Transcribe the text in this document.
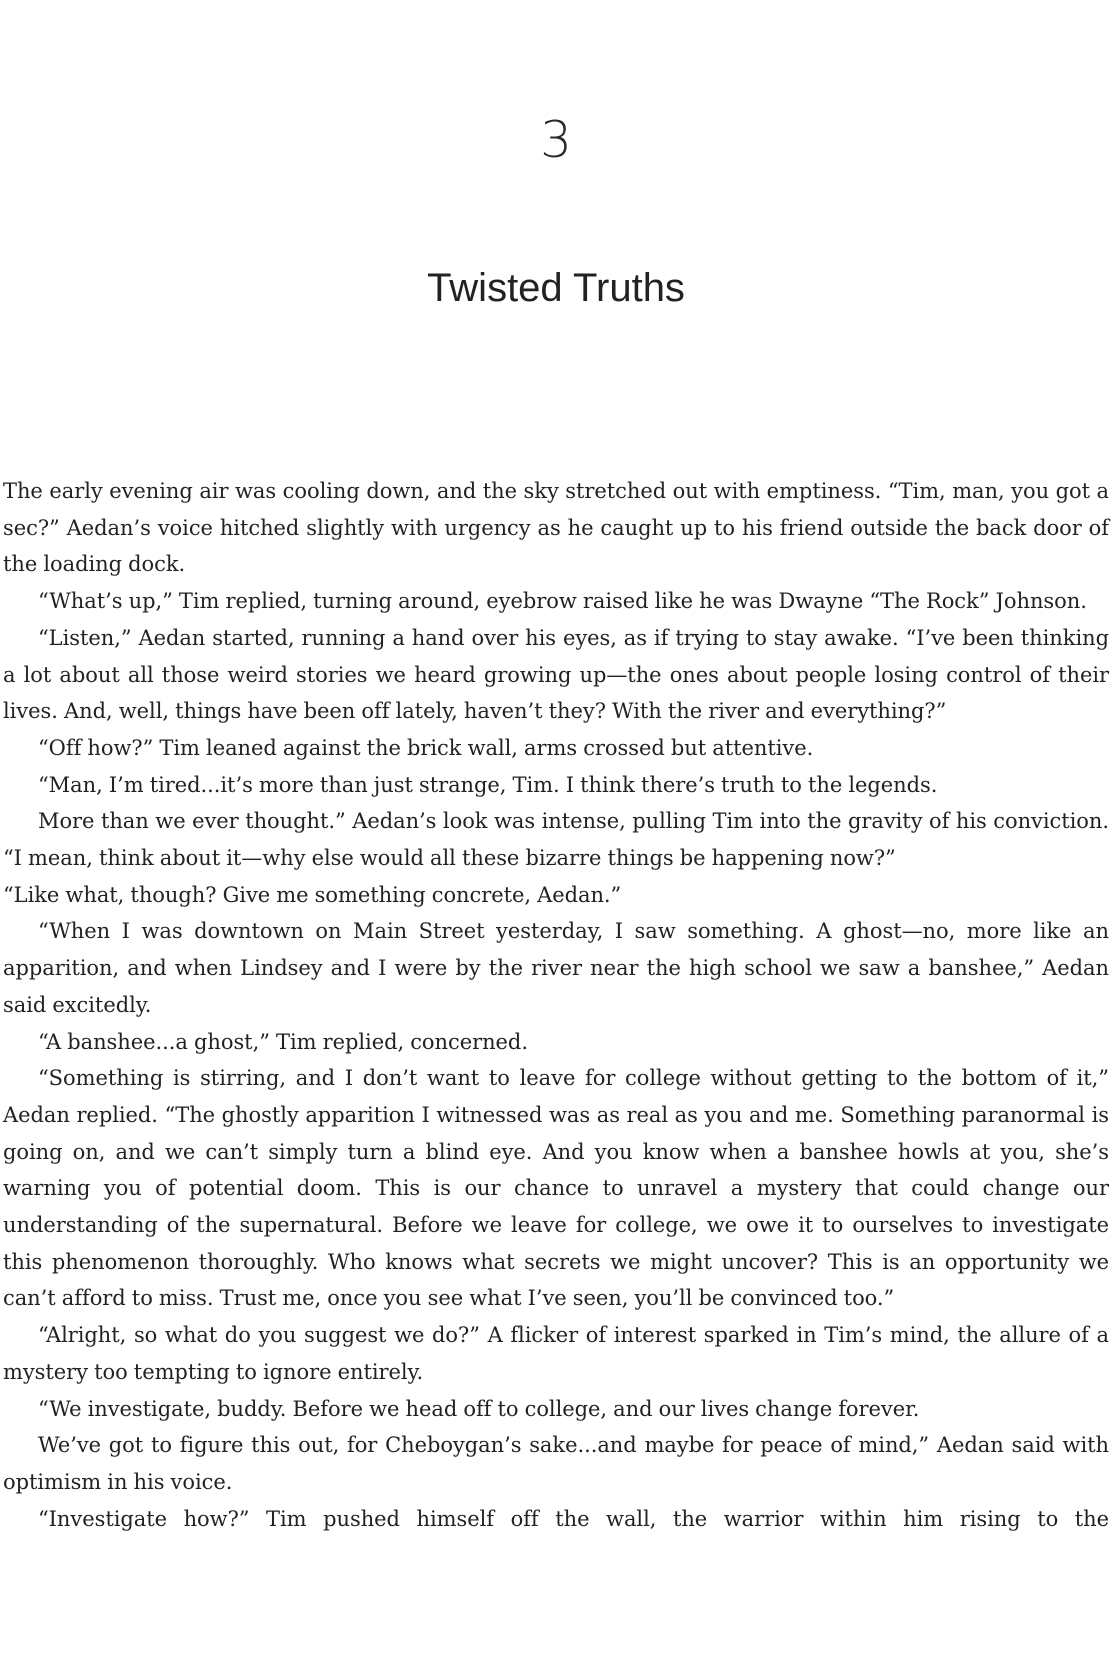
3
Twisted Truths

The early evening air was cooling down, and the sky stretched out with emptiness. “Tim, man, you got a sec?” Aedan’s voice hitched slightly with urgency as he caught up to his friend outside the back door of the loading dock.

“What’s up,” Tim replied, turning around, eyebrow raised like he was Dwayne “The Rock” Johnson.

“Listen,” Aedan started, running a hand over his eyes, as if trying to stay awake. “I’ve been thinking a lot about all those weird stories we heard growing up—the ones about people losing control of their lives. And, well, things have been off lately, haven’t they? With the river and everything?”

“Off how?” Tim leaned against the brick wall, arms crossed but attentive.

“Man, I’m tired...it’s more than just strange, Tim. I think there’s truth to the legends.

More than we ever thought.” Aedan’s look was intense, pulling Tim into the gravity of his conviction. “I mean, think about it—why else would all these bizarre things be happening now?”

“Like what, though? Give me something concrete, Aedan.”

“When I was downtown on Main Street yesterday, I saw something. A ghost—no, more like an apparition, and when Lindsey and I were by the river near the high school we saw a banshee,” Aedan said excitedly.

“A banshee...a ghost,” Tim replied, concerned.

“Something is stirring, and I don’t want to leave for college without getting to the bottom of it,” Aedan replied. “The ghostly apparition I witnessed was as real as you and me. Something paranormal is going on, and we can’t simply turn a blind eye. And you know when a banshee howls at you, she’s warning you of potential doom. This is our chance to unravel a mystery that could change our understanding of the supernatural. Before we leave for college, we owe it to ourselves to investigate this phenomenon thoroughly. Who knows what secrets we might uncover? This is an opportunity we can’t afford to miss. Trust me, once you see what I’ve seen, you’ll be convinced too.”

“Alright, so what do you suggest we do?” A flicker of interest sparked in Tim’s mind, the allure of a mystery too tempting to ignore entirely.

“We investigate, buddy. Before we head off to college, and our lives change forever.

We’ve got to figure this out, for Cheboygan’s sake...and maybe for peace of mind,” Aedan said with optimism in his voice.

“Investigate how?” Tim pushed himself off the wall, the warrior within him rising to the
